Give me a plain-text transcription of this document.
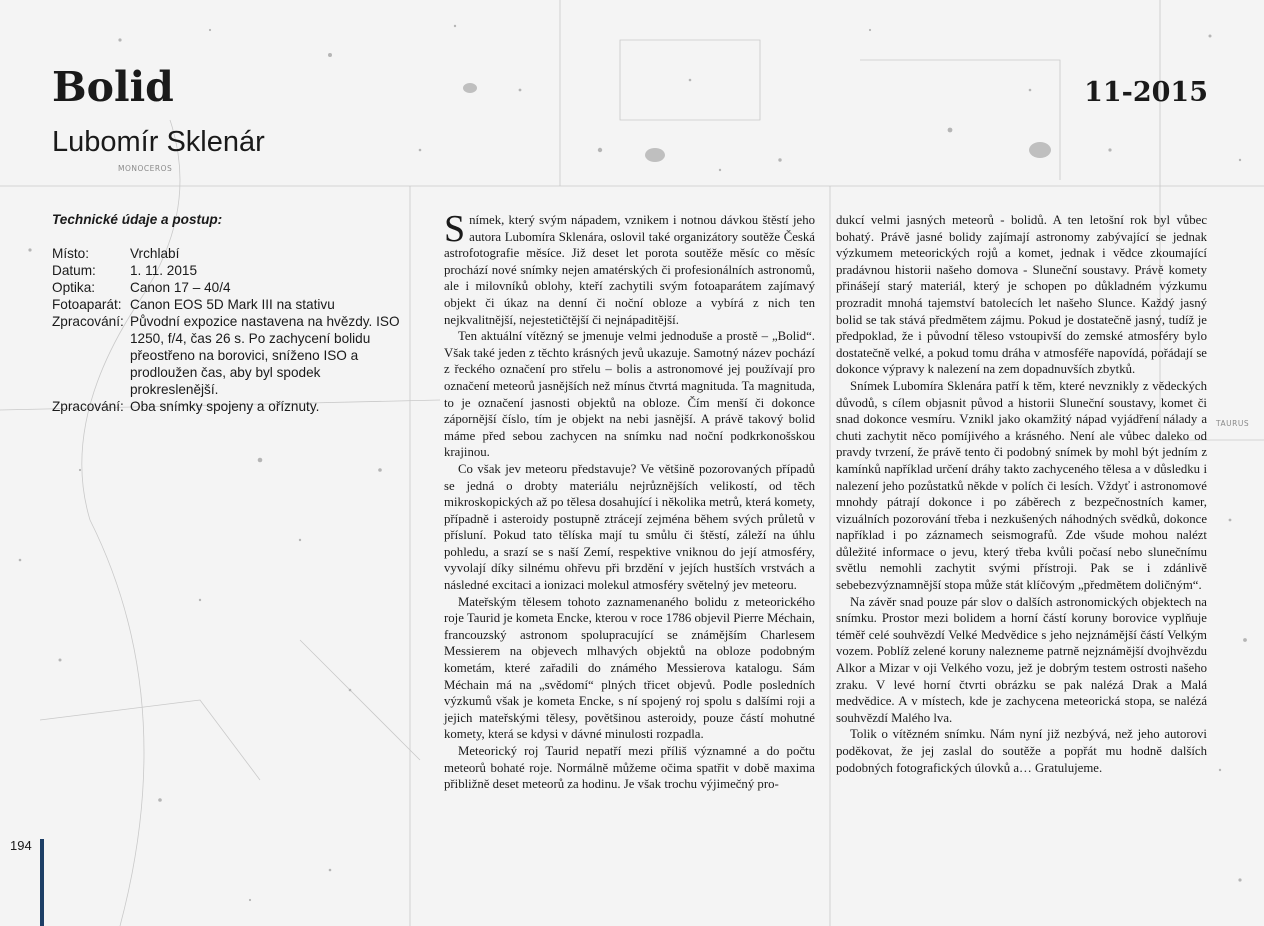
MONOCEROS
TAURUS
Bolid	11-2015
Lubomír Sklenár
Technické údaje a postup:
Místo:	Vrchlabí
Datum:	1. 11. 2015
Optika:	Canon 17 – 40/4
Fotoaparát: Canon EOS 5D Mark III na stativu
Zpracování: Původní expozice nastavena na hvězdy. ISO 1250, f/4, čas 26 s. Po zachycení bolidu přeostřeno na borovici, sníženo ISO a prodloužen čas, aby byl spodek prokreslenější.
Zpracování: Oba snímky spojeny a oříznuty.

Snímek, který svým nápadem, vznikem i notnou dávkou štěstí jeho autora Lubomíra Sklenára, oslovil také organizátory soutěže Česká astrofotografie měsíce. Již deset let porota soutěže měsíc co měsíc prochází nové snímky nejen amatérských či profesionálních astronomů, ale i milovníků oblohy, kteří zachytili svým fotoaparátem zajímavý objekt či úkaz na denní či noční obloze a vybírá z nich ten nejkvalitnější, nejestetičtější či nejnápaditější.

Ten aktuální vítězný se jmenuje velmi jednoduše a prostě – „Bolid“. Však také jeden z těchto krásných jevů ukazuje. Samotný název pochází z řeckého označení pro střelu – bolis a astronomové jej používají pro označení meteorů jasnějších než mínus čtvrtá magnituda. Ta magnituda, to je označení jasnosti objektů na obloze. Čím menší či dokonce zápornější číslo, tím je objekt na nebi jasnější. A právě takový bolid máme před sebou zachycen na snímku nad noční podkrkonošskou krajinou.

Co však jev meteoru představuje? Ve většině pozorovaných případů se jedná o drobty materiálu nejrůznějších velikostí, od těch mikroskopických až po tělesa dosahující i několika metrů, která komety, případně i asteroidy postupně ztrácejí zejména během svých průletů v přísluní. Pokud tato tělíska mají tu smůlu či štěstí, záleží na úhlu pohledu, a srazí se s naší Zemí, respektive vniknou do její atmosféry, vyvolají díky silnému ohřevu při brzdění v jejích hustších vrstvách a následné excitaci a ionizaci molekul atmosféry světelný jev meteoru.

Mateřským tělesem tohoto zaznamenaného bolidu z meteorického roje Taurid je kometa Encke, kterou v roce 1786 objevil Pierre Méchain, francouzský astronom spolupracující se známějším Charlesem Messierem na objevech mlhavých objektů na obloze podobným kometám, které zařadili do známého Messierova katalogu. Sám Méchain má na „svědomí“ plných třicet objevů. Podle posledních výzkumů však je kometa Encke, s ní spojený roj spolu s dalšími roji a jejich mateřskými tělesy, povětšinou asteroidy, pouze částí mohutné komety, která se kdysi v dávné minulosti rozpadla.

Meteorický roj Taurid nepatří mezi příliš významné a do počtu meteorů bohaté roje. Normálně můžeme očima spatřit v době maxima přibližně deset meteorů za hodinu. Je však trochu výjimečný pro-

dukcí velmi jasných meteorů - bolidů. A ten letošní rok byl vůbec bohatý. Právě jasné bolidy zajímají astronomy zabývající se jednak výzkumem meteorických rojů a komet, jednak i vědce zkoumající pradávnou historii našeho domova - Sluneční soustavy. Právě komety přinášejí starý materiál, který je schopen po důkladném výzkumu prozradit mnohá tajemství batolecích let našeho Slunce. Každý jasný bolid se tak stává předmětem zájmu. Pokud je dostatečně jasný, tudíž je předpoklad, že i původní těleso vstoupivší do zemské atmosféry bylo dostatečně velké, a pokud tomu dráha v atmosféře napovídá, pořádají se dokonce výpravy k nalezení na zem dopadnuvších zbytků.

Snímek Lubomíra Sklenára patří k těm, které nevznikly z vědeckých důvodů, s cílem objasnit původ a historii Sluneční soustavy, komet či snad dokonce vesmíru. Vznikl jako okamžitý nápad vyjádření nálady a chuti zachytit něco pomíjivého a krásného. Není ale vůbec daleko od pravdy tvrzení, že právě tento či podobný snímek by mohl být jedním z kamínků například určení dráhy takto zachyceného tělesa a v důsledku i nalezení jeho pozůstatků někde v polích či lesích. Vždyť i astronomové mnohdy pátrají dokonce i po záběrech z bezpečnostních kamer, vizuálních pozorování třeba i nezkušených náhodných svědků, dokonce například i po záznamech seismografů. Zde všude mohou nalézt důležité informace o jevu, který třeba kvůli počasí nebo slunečnímu světlu nemohli zachytit svými přístroji. Pak se i zdánlivě sebebezvýznamnější stopa může stát klíčovým „předmětem doličným“.

Na závěr snad pouze pár slov o dalších astronomických objektech na snímku. Prostor mezi bolidem a horní částí koruny borovice vyplňuje téměř celé souhvězdí Velké Medvědice s jeho nejznámější částí Velkým vozem. Poblíž zelené koruny nalezneme patrně nejznámější dvojhvězdu Alkor a Mizar v oji Velkého vozu, jež je dobrým testem ostrosti našeho zraku. V levé horní čtvrti obrázku se pak nalézá Drak a Malá medvědice. A v místech, kde je zachycena meteorická stopa, se nalézá souhvězdí Malého lva.

Tolik o vítězném snímku. Nám nyní již nezbývá, než jeho autorovi poděkovat, že jej zaslal do soutěže a popřát mu hodně dalších podobných fotografických úlovků a… Gratulujeme.

194
